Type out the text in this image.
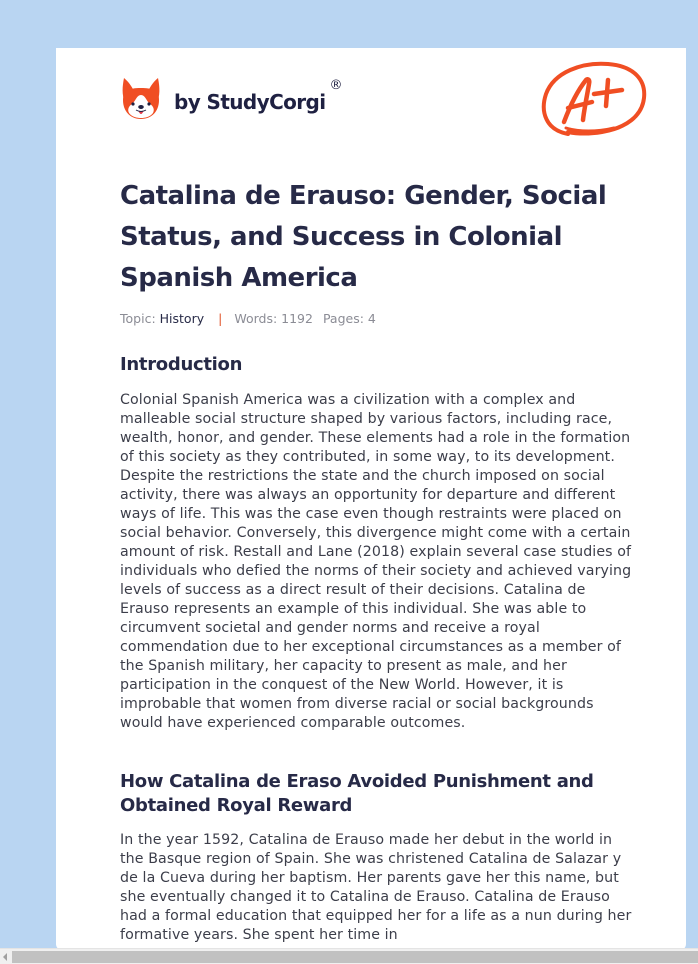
by StudyCorgi
®
Catalina de Erauso: Gender, Social Status, and Success in Colonial Spanish America
Topic: History | Words: 1192 Pages: 4
Introduction

Colonial Spanish America was a civilization with a complex and malleable social structure shaped by various factors, including race, wealth, honor, and gender. These elements had a role in the formation of this society as they contributed, in some way, to its development. Despite the restrictions the state and the church imposed on social activity, there was always an opportunity for departure and different ways of life. This was the case even though restraints were placed on social behavior. Conversely, this divergence might come with a certain amount of risk. Restall and Lane (2018) explain several case studies of individuals who defied the norms of their society and achieved varying levels of success as a direct result of their decisions. Catalina de Erauso represents an example of this individual. She was able to circumvent societal and gender norms and receive a royal commendation due to her exceptional circumstances as a member of the Spanish military, her capacity to present as male, and her participation in the conquest of the New World. However, it is improbable that women from diverse racial or social backgrounds would have experienced comparable outcomes.

How Catalina de Eraso Avoided Punishment and Obtained Royal Reward

In the year 1592, Catalina de Erauso made her debut in the world in the Basque region of Spain. She was christened Catalina de Salazar y de la Cueva during her baptism. Her parents gave her this name, but she eventually changed it to Catalina de Erauso. Catalina de Erauso had a formal education that equipped her for a life as a nun during her formative years. She spent her time in
